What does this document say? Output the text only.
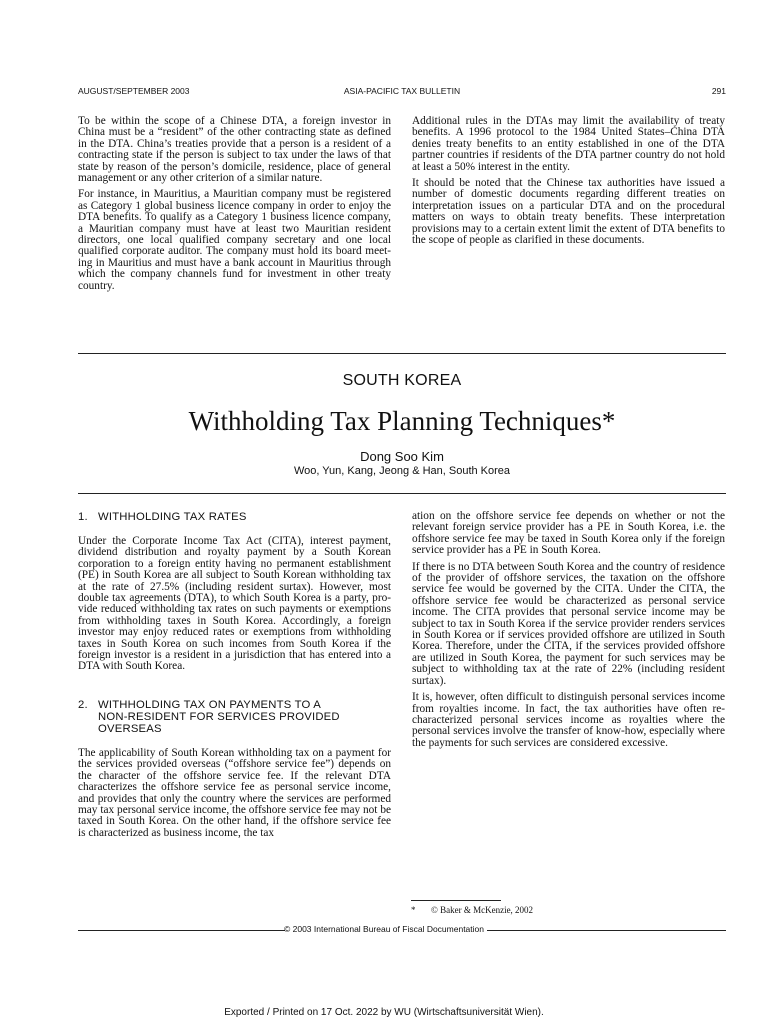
AUGUST/SEPTEMBER 2003	ASIA-PACIFIC TAX BULLETIN	291

To be within the scope of a Chinese DTA, a foreign investor in China must be a “resident” of the other contracting state as defined in the DTA. China’s treaties provide that a person is a resident of a contracting state if the person is subject to tax under the laws of that state by reason of the person’s domicile, residence, place of general management or any other criterion of a similar nature.

For instance, in Mauritius, a Mauritian company must be registered as Category 1 global business licence company in order to enjoy the DTA benefits. To qualify as a Category 1 business licence company, a Mauritian company must have at least two Mauritian resident directors, one local qualified company secretary and one local qualified corporate auditor. The company must hold its board meeting in Mauritius and must have a bank account in Mauritius through which the company channels fund for investment in other treaty country.

Additional rules in the DTAs may limit the availability of treaty benefits. A 1996 protocol to the 1984 United States–China DTA denies treaty benefits to an entity established in one of the DTA partner countries if residents of the DTA partner country do not hold at least a 50% interest in the entity.

It should be noted that the Chinese tax authorities have issued a number of domestic documents regarding different treaties on interpretation issues on a particular DTA and on the procedural matters on ways to obtain treaty benefits. These interpretation provisions may to a certain extent limit the extent of DTA benefits to the scope of people as clarified in these documents.

SOUTH KOREA
Withholding Tax Planning Techniques*
Dong Soo Kim
Woo, Yun, Kang, Jeong & Han, South Korea
1. WITHHOLDING TAX RATES

Under the Corporate Income Tax Act (CITA), interest payment, dividend distribution and royalty payment by a South Korean corporation to a foreign entity having no permanent establishment (PE) in South Korea are all subject to South Korean withholding tax at the rate of 27.5% (including resident surtax). However, most double tax agreements (DTA), to which South Korea is a party, provide reduced withholding tax rates on such payments or exemptions from withholding taxes in South Korea. Accordingly, a foreign investor may enjoy reduced rates or exemptions from withholding taxes in South Korea on such incomes from South Korea if the foreign investor is a resident in a jurisdiction that has entered into a DTA with South Korea.

2. WITHHOLDING TAX ON PAYMENTS TO A
NON-RESIDENT FOR SERVICES PROVIDED
OVERSEAS

The applicability of South Korean withholding tax on a payment for the services provided overseas (“offshore service fee”) depends on the character of the offshore service fee. If the relevant DTA characterizes the offshore service fee as personal service income, and provides that only the country where the services are performed may tax personal service income, the offshore service fee may not be taxed in South Korea. On the other hand, if the offshore service fee is characterized as business income, the tax

ation on the offshore service fee depends on whether or not the relevant foreign service provider has a PE in South Korea, i.e. the offshore service fee may be taxed in South Korea only if the foreign service provider has a PE in South Korea.

If there is no DTA between South Korea and the country of residence of the provider of offshore services, the taxation on the offshore service fee would be governed by the CITA. Under the CITA, the offshore service fee would be characterized as personal service income. The CITA provides that personal service income may be subject to tax in South Korea if the service provider renders services in South Korea or if services provided offshore are utilized in South Korea. Therefore, under the CITA, if the services provided offshore are utilized in South Korea, the payment for such services may be subject to withholding tax at the rate of 22% (including resident surtax).

It is, however, often difficult to distinguish personal services income from royalties income. In fact, the tax authorities have often re-characterized personal services income as royalties where the personal services involve the transfer of know-how, especially where the payments for such services are considered excessive.

* © Baker & McKenzie, 2002
© 2003 International Bureau of Fiscal Documentation
Exported / Printed on 17 Oct. 2022 by WU (Wirtschaftsuniversität Wien).
